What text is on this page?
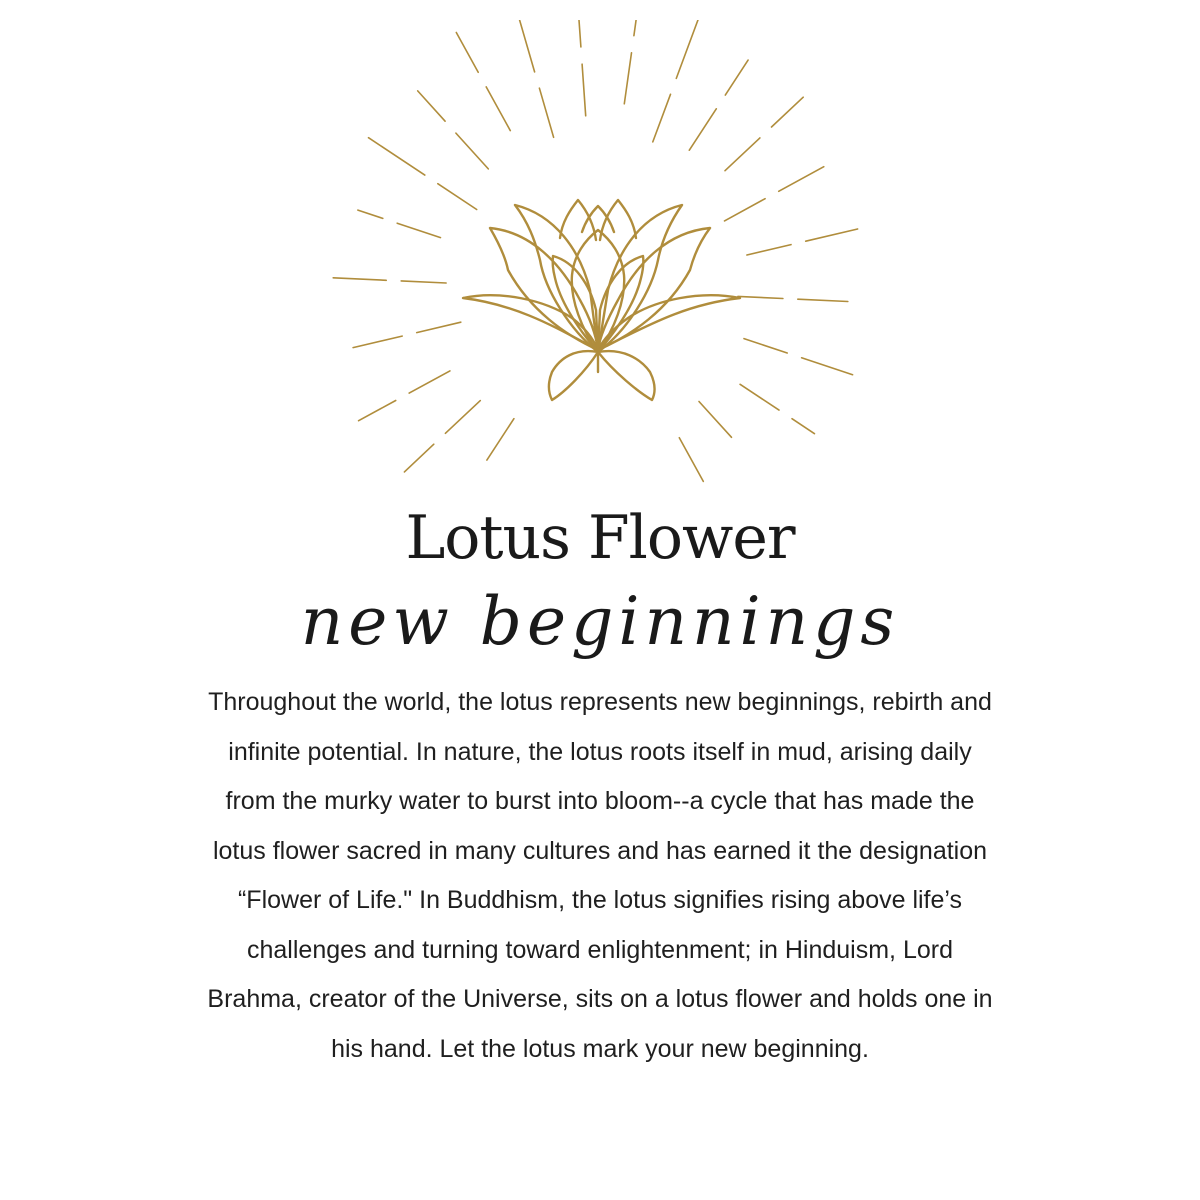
Lotus Flower
new beginnings
Throughout the world, the lotus represents new beginnings, rebirth and
infinite potential. In nature, the lotus roots itself in mud, arising daily
from the murky water to burst into bloom--a cycle that has made the
lotus flower sacred in many cultures and has earned it the designation
“Flower of Life." In Buddhism, the lotus signifies rising above life’s
challenges and turning toward enlightenment; in Hinduism, Lord
Brahma, creator of the Universe, sits on a lotus flower and holds one in
his hand. Let the lotus mark your new beginning.
